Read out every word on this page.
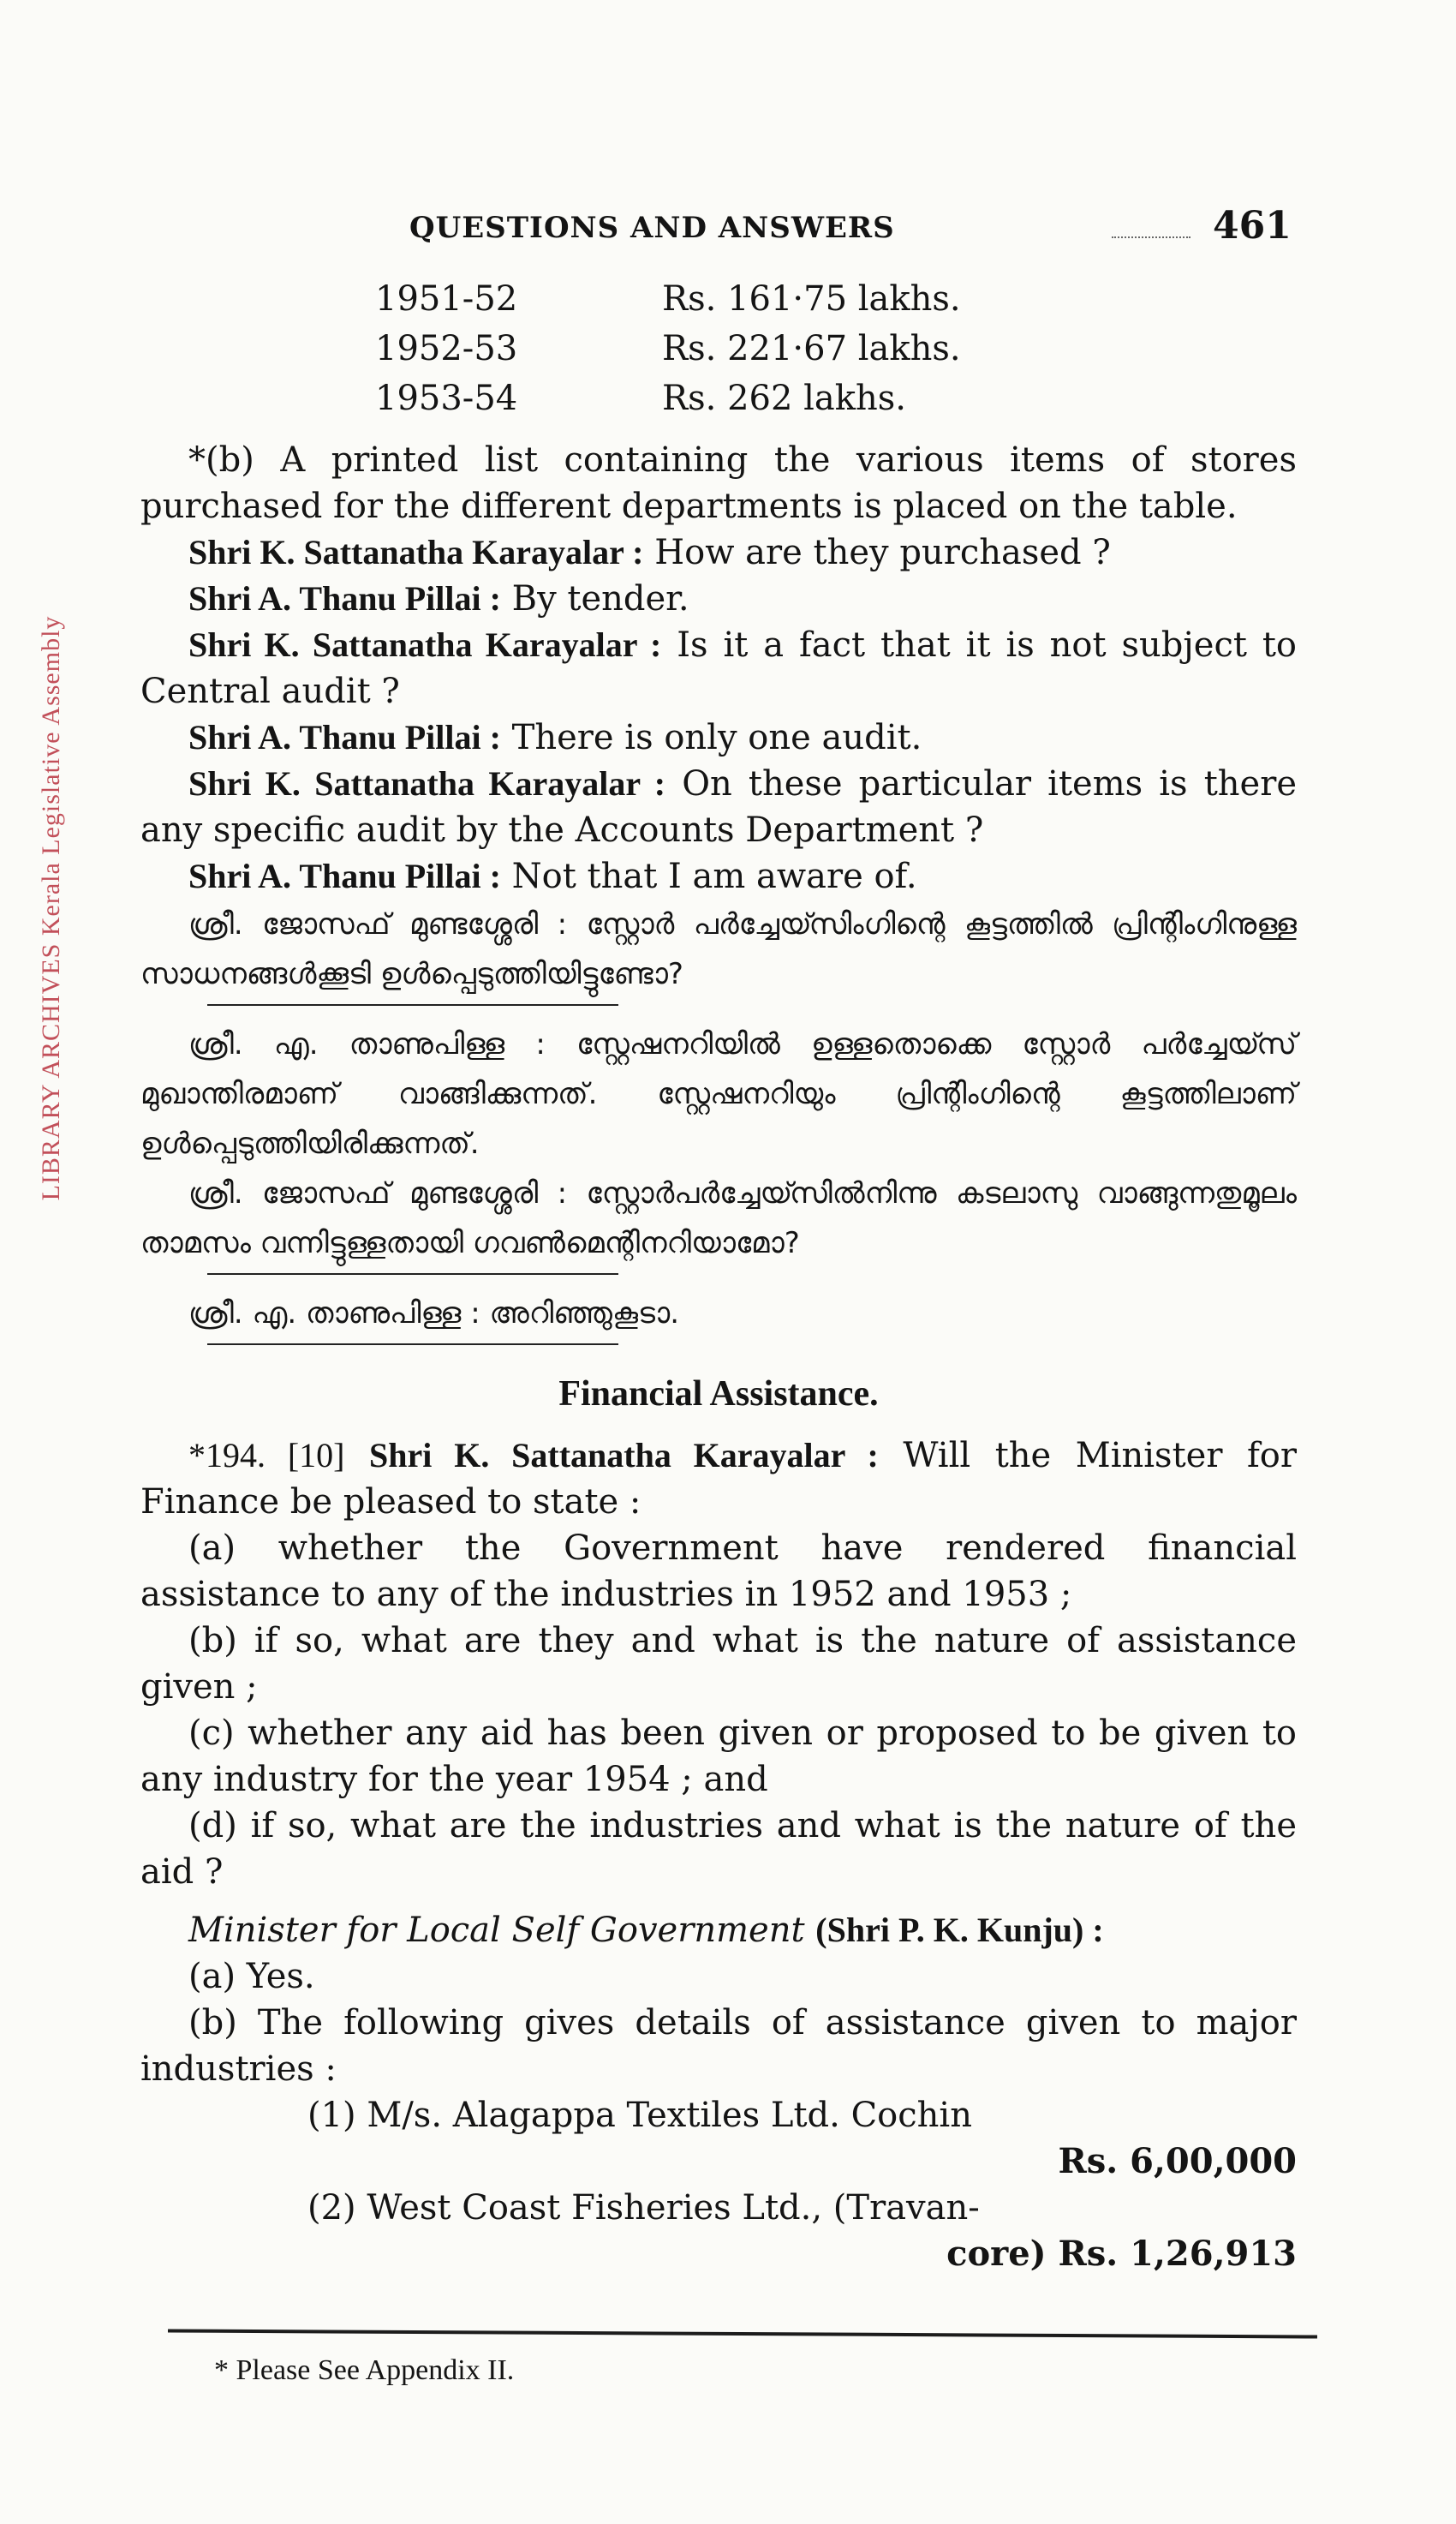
LIBRARY ARCHIVES Kerala Legislative Assembly
QUESTIONS AND ANSWERS	461
1951-52	Rs. 161·75 lakhs.
1952-53	Rs. 221·67 lakhs.
1953-54	Rs. 262 lakhs.

*(b) A printed list containing the various items of stores purchased for the different departments is placed on the table.

Shri K. Sattanatha Karayalar : How are they purchased ?

Shri A. Thanu Pillai : By tender.

Shri K. Sattanatha Karayalar : Is it a fact that it is not subject to Central audit ?

Shri A. Thanu Pillai : There is only one audit.

Shri K. Sattanatha Karayalar : On these particular items is there any specific audit by the Accounts Department ?

Shri A. Thanu Pillai : Not that I am aware of.

ശ്രീ. ജോസഫ് മുണ്ടശ്ശേരി : സ്റ്റോർ പർച്ചേയ്സിംഗിന്റെ കൂട്ടത്തിൽ പ്രിന്റിംഗിനുള്ള സാധനങ്ങൾക്കൂടി ഉൾപ്പെടുത്തിയിട്ടുണ്ടോ?

ശ്രീ. എ. താണുപിള്ള : സ്റ്റേഷനറിയിൽ ഉള്ളതൊക്കെ സ്റ്റോർ പർച്ചേയ്സ് മുഖാന്തിരമാണ് വാങ്ങിക്കുന്നത്. സ്റ്റേഷനറിയും പ്രിന്റിംഗിന്റെ കൂട്ടത്തിലാണ് ഉൾപ്പെടുത്തിയിരിക്കുന്നത്.

ശ്രീ. ജോസഫ് മുണ്ടശ്ശേരി : സ്റ്റോർപർച്ചേയ്സിൽനിന്നു കടലാസു വാങ്ങുന്നതുമൂലം താമസം വന്നിട്ടുള്ളതായി ഗവൺമെന്റിനറിയാമോ?

ശ്രീ. എ. താണുപിള്ള : അറിഞ്ഞുകൂടാ.

Financial Assistance.

*194. [10] Shri K. Sattanatha Karayalar : Will the Minister for Finance be pleased to state :

(a) whether the Government have rendered financial assistance to any of the industries in 1952 and 1953 ;

(b) if so, what are they and what is the nature of assistance given ;

(c) whether any aid has been given or proposed to be given to any industry for the year 1954 ; and

(d) if so, what are the industries and what is the nature of the aid ?

Minister for Local Self Government (Shri P. K. Kunju) :

(a) Yes.

(b) The following gives details of assistance given to major industries :

(1) M/s. Alagappa Textiles Ltd. Cochin
Rs. 6,00,000
(2) West Coast Fisheries Ltd., (Travan-
core) Rs. 1,26,913
* Please See Appendix II.
